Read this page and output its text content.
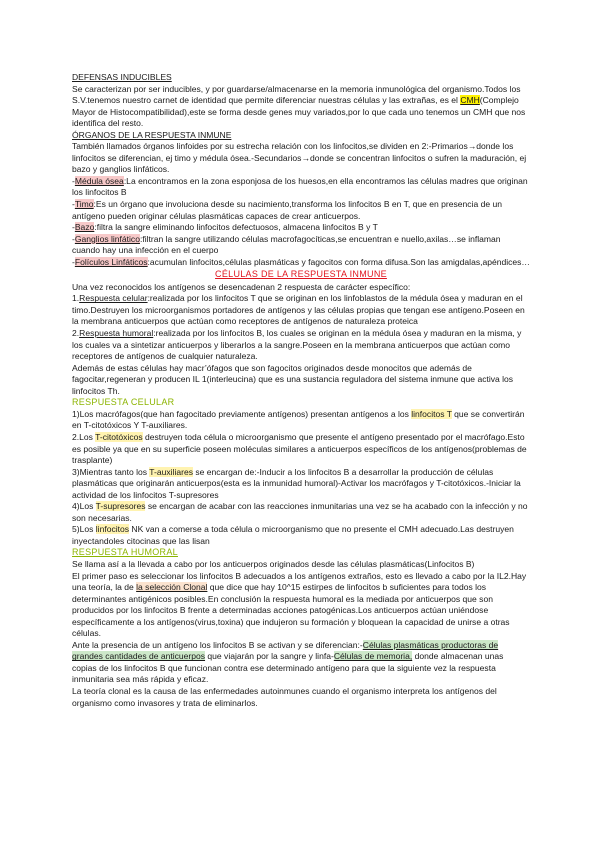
DEFENSAS INDUCIBLES

Se caracterizan por ser inducibles, y por guardarse/almacenarse en la memoria inmunológica del organismo.Todos los S.V.tenemos nuestro carnet de identidad que permite diferenciar nuestras células y las extrañas, es el CMH(Complejo Mayor de Histocompatibilidad),este se forma desde genes muy variados,por lo que cada uno tenemos un CMH que nos identifica del resto.

ÓRGANOS DE LA RESPUESTA INMUNE

También llamados órganos linfoides por su estrecha relación con los linfocitos,se dividen en 2:-Primarios→donde los linfocitos se diferencian, ej timo y médula ósea.-Secundarios→donde se concentran linfocitos o sufren la maduración, ej bazo y ganglios linfáticos.

-Médula ósea:La encontramos en la zona esponjosa de los huesos,en ella encontramos las células madres que originan los linfocitos B

-Timo:Es un órgano que involuciona desde su nacimiento,transforma los linfocitos B en T, que en presencia de un antígeno pueden originar células plasmáticas capaces de crear anticuerpos.

-Bazo:filtra la sangre eliminando linfocitos defectuosos, almacena linfocitos B y T

-Ganglios linfático:filtran la sangre utilizando células macrofagocíticas,se encuentran e nuello,axilas…se inflaman cuando hay una infección en el cuerpo

-Folículos Linfáticos:acumulan linfocitos,células plasmáticas y fagocitos con forma difusa.Son las amigdalas,apéndices…

CÉLULAS DE LA RESPUESTA INMUNE

Una vez reconocidos los antígenos se desencadenan 2 respuesta de carácter específico:

1.Respuesta celular:realizada por los linfocitos T que se originan en los linfoblastos de la médula ósea y maduran en el timo.Destruyen los microorganismos portadores de antígenos y las células propias que tengan ese antígeno.Poseen en la membrana anticuerpos que actúan como receptores de antígenos de naturaleza proteica

2.Respuesta humoral:realizada por los linfocitos B, los cuales se originan en la médula ósea y maduran en la misma, y los cuales va a sintetizar anticuerpos y liberarlos a la sangre.Poseen en la membrana anticuerpos que actúan como receptores de antígenos de cualquier naturaleza.

Además de estas células hay macr’ófagos que son fagocitos originados desde monocitos que además de fagocitar,regeneran y producen IL 1(interleucina) que es una sustancia reguladora del sistema inmune que activa los linfocitos Th.

RESPUESTA CELULAR

1)Los macrófagos(que han fagocitado previamente antígenos) presentan antígenos a los linfocitos T que se convertirán en T-citotóxicos Y T-auxiliares.

2.Los T-citotóxicos destruyen toda célula o microorganismo que presente el antígeno presentado por el macrófago.Esto es posible ya que en su superficie poseen moléculas similares a anticuerpos específicos de los antígenos(problemas de trasplante)

3)Mientras tanto los T-auxiliares se encargan de:-Inducir a los linfocitos B a desarrollar la producción de células plasmáticas que originarán anticuerpos(esta es la inmunidad humoral)-Activar los macrófagos y T-citotóxicos.-Iniciar la actividad de los linfocitos T-supresores

4)Los T-supresores se encargan de acabar con las reacciones inmunitarias una vez se ha acabado con la infección y no son necesarias.

5)Los linfocitos NK van a comerse a toda célula o microorganismo que no presente el CMH adecuado.Las destruyen inyectandoles citocinas que las lisan

RESPUESTA HUMORAL

Se llama así a la llevada a cabo por los anticuerpos originados desde las células plasmáticas(Linfocitos B)

El primer paso es seleccionar los linfocitos B adecuados a los antígenos extraños, esto es llevado a cabo por la IL2.Hay una teoría, la de la selección Clonal que dice que hay 10^15 estirpes de linfocitos b suficientes para todos los determinantes antigénicos posibles.En conclusión la respuesta humoral es la mediada por anticuerpos que son producidos por los linfocitos B frente a determinadas acciones patogénicas.Los anticuerpos actúan uniéndose específicamente a los antígenos(virus,toxina) que indujeron su formación y bloquean la capacidad de unirse a otras células.

Ante la presencia de un antígeno los linfocitos B se activan y se diferencian:-Células plasmáticas productoras de grandes cantidades de anticuerpos que viajarán por la sangre y linfa-Células de memoria, donde almacenan unas copias de los linfocitos B que funcionan contra ese determinado antígeno para que la siguiente vez la respuesta inmunitaria sea más rápida y eficaz.

La teoría clonal es la causa de las enfermedades autoinmunes cuando el organismo interpreta los antígenos del organismo como invasores y trata de eliminarlos.
